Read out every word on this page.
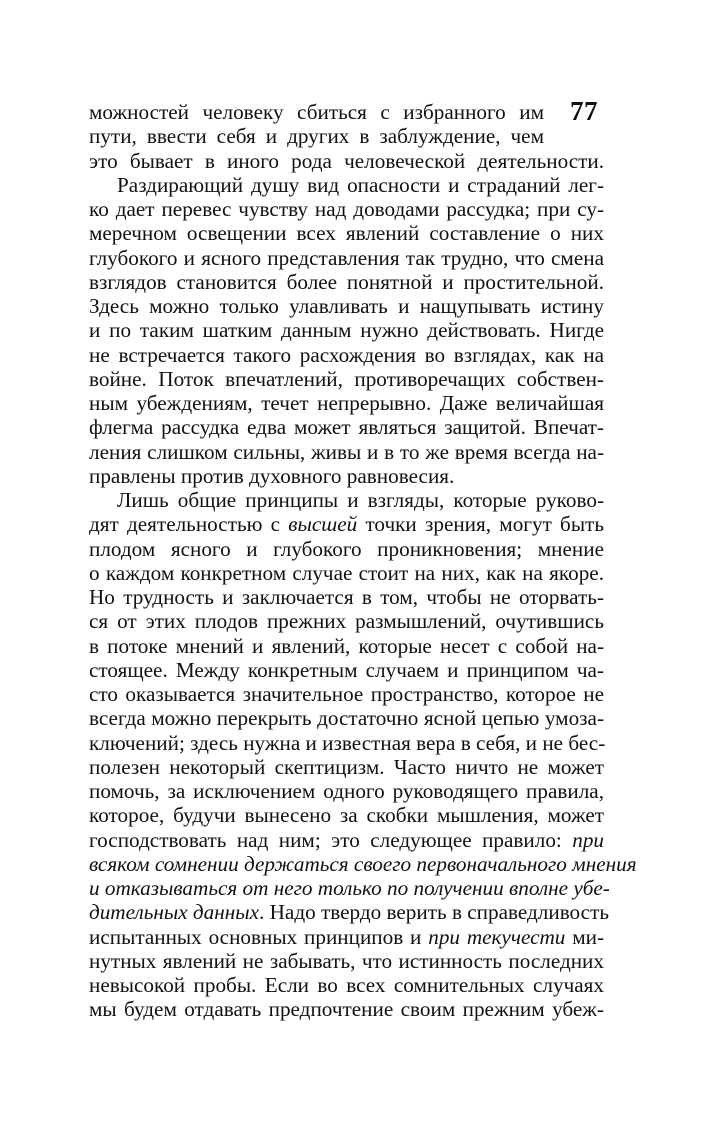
77
можностей человеку сбиться с избранного им
пути, ввести себя и других в заблуждение, чем
это бывает в иного рода человеческой деятельности.
Раздирающий душу вид опасности и страданий лег-
ко дает перевес чувству над доводами рассудка; при су-
меречном освещении всех явлений составление о них
глубокого и ясного представления так трудно, что смена
взглядов становится более понятной и простительной.
Здесь можно только улавливать и нащупывать истину
и по таким шатким данным нужно действовать. Нигде
не встречается такого расхождения во взглядах, как на
войне. Поток впечатлений, противоречащих собствен-
ным убеждениям, течет непрерывно. Даже величайшая
флегма рассудка едва может являться защитой. Впечат-
ления слишком сильны, живы и в то же время всегда на-
правлены против духовного равновесия.
Лишь общие принципы и взгляды, которые руково-
дят деятельностью с высшей точки зрения, могут быть
плодом ясного и глубокого проникновения; мнение
о каждом конкретном случае стоит на них, как на якоре.
Но трудность и заключается в том, чтобы не оторвать-
ся от этих плодов прежних размышлений, очутившись
в потоке мнений и явлений, которые несет с собой на-
стоящее. Между конкретным случаем и принципом ча-
сто оказывается значительное пространство, которое не
всегда можно перекрыть достаточно ясной цепью умоза-
ключений; здесь нужна и известная вера в себя, и не бес-
полезен некоторый скептицизм. Часто ничто не может
помочь, за исключением одного руководящего правила,
которое, будучи вынесено за скобки мышления, может
господствовать над ним; это следующее правило: при
всяком сомнении держаться своего первоначального мнения
и отказываться от него только по получении вполне убе-
дительных данных. Надо твердо верить в справедливость
испытанных основных принципов и при текучести ми-
нутных явлений не забывать, что истинность последних
невысокой пробы. Если во всех сомнительных случаях
мы будем отдавать предпочтение своим прежним убеж-
